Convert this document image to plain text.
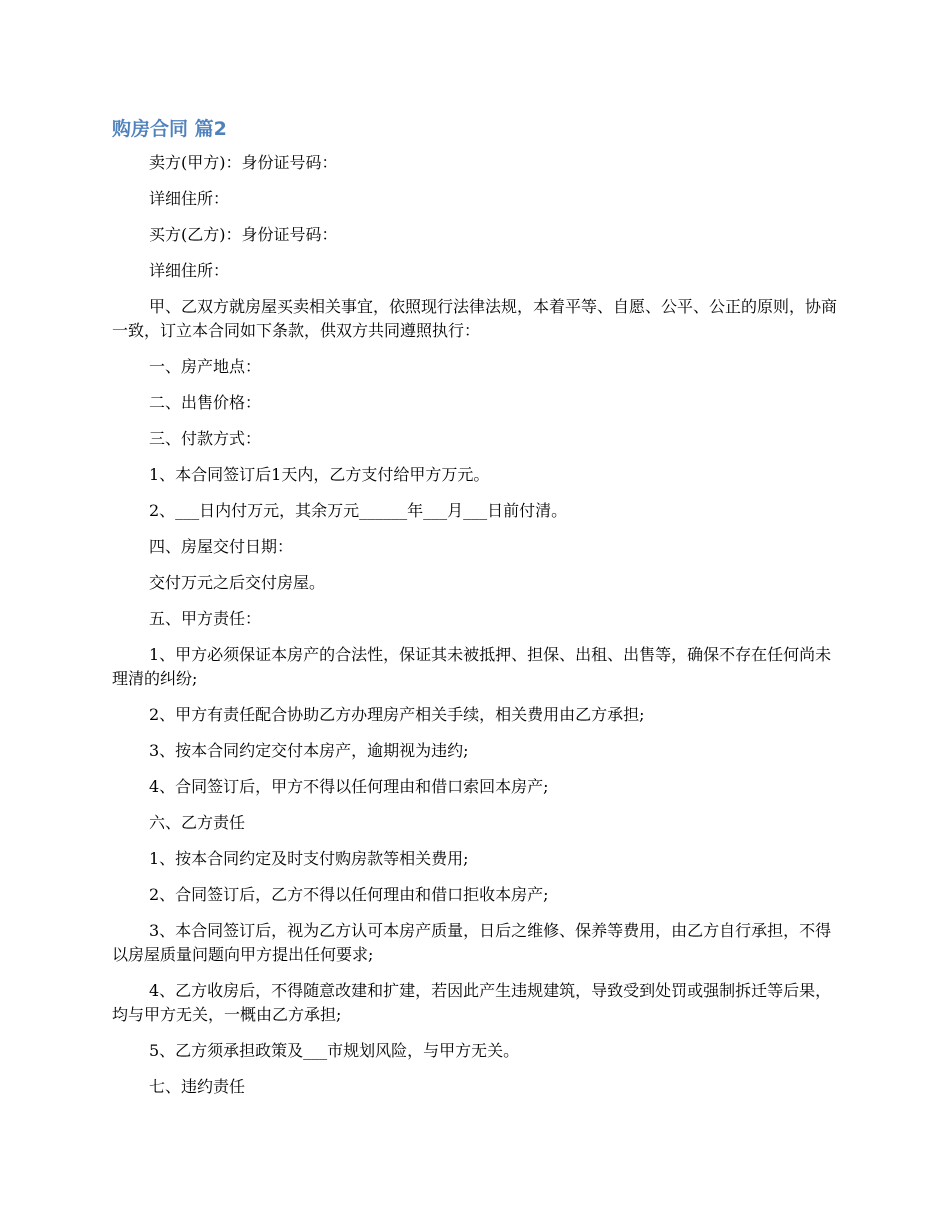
购房合同 篇2

卖方(甲方)：身份证号码：

详细住所：

买方(乙方)：身份证号码：

详细住所：

甲、乙双方就房屋买卖相关事宜，依照现行法律法规，本着平等、自愿、公平、公正的原则，协商一致，订立本合同如下条款，供双方共同遵照执行：

一、房产地点：

二、出售价格：

三、付款方式：

1、本合同签订后1天内，乙方支付给甲方万元。

2、___日内付万元，其余万元______年___月___日前付清。

四、房屋交付日期：

交付万元之后交付房屋。

五、甲方责任：

1、甲方必须保证本房产的合法性，保证其未被抵押、担保、出租、出售等，确保不存在任何尚未理清的纠纷;

2、甲方有责任配合协助乙方办理房产相关手续，相关费用由乙方承担;

3、按本合同约定交付本房产，逾期视为违约;

4、合同签订后，甲方不得以任何理由和借口索回本房产;

六、乙方责任

1、按本合同约定及时支付购房款等相关费用;

2、合同签订后，乙方不得以任何理由和借口拒收本房产;

3、本合同签订后，视为乙方认可本房产质量，日后之维修、保养等费用，由乙方自行承担，不得以房屋质量问题向甲方提出任何要求;

4、乙方收房后，不得随意改建和扩建，若因此产生违规建筑，导致受到处罚或强制拆迁等后果，均与甲方无关，一概由乙方承担;

5、乙方须承担政策及___市规划风险，与甲方无关。

七、违约责任
